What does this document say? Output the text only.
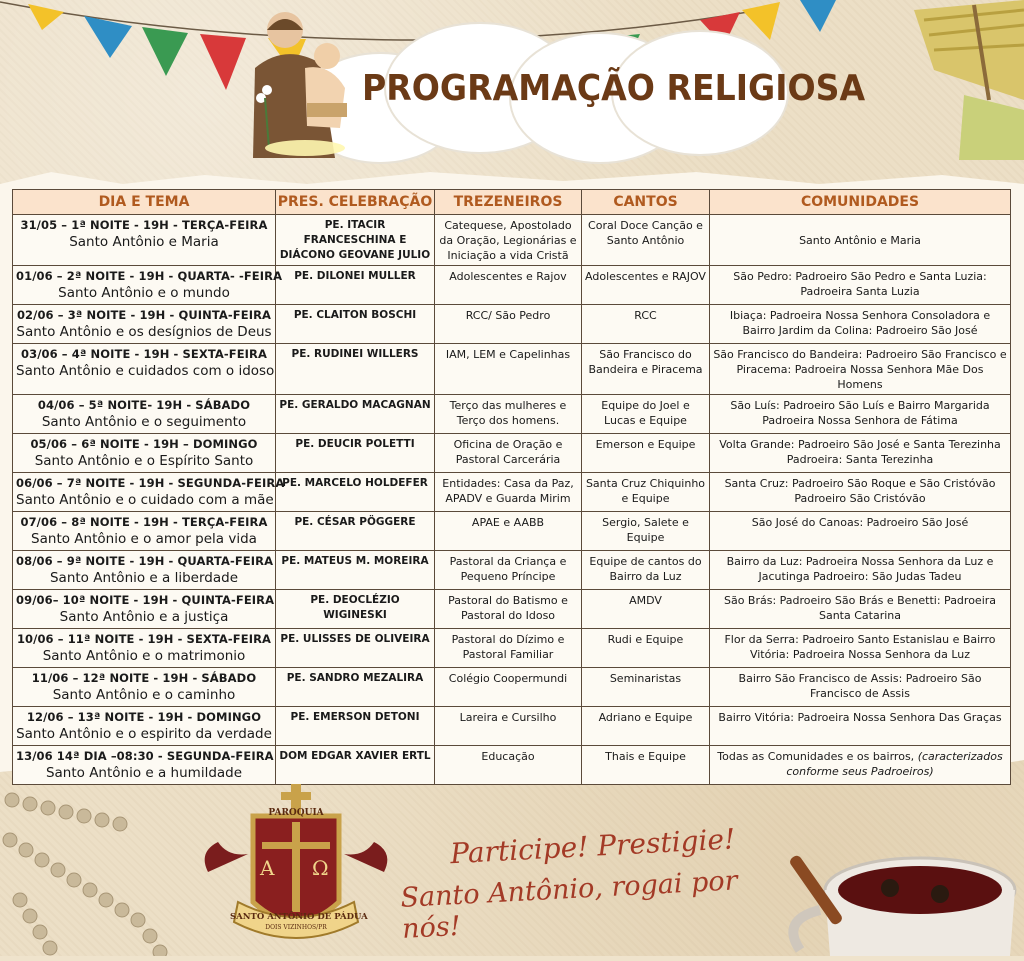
PROGRAMAÇÃO RELIGIOSA
DIA E TEMA	PRES. CELEBRAÇÃO	TREZENEIROS	CANTOS	COMUNIDADES

31/05 – 1ª NOITE - 19H - TERÇA-FEIRA
Santo Antônio e Maria	PE. ITACIR FRANCESCHINA E DIÁCONO GEOVANE JULIO	Catequese, Apostolado da Oração, Legionárias e Iniciação a vida Cristã	Coral Doce Canção e Santo Antônio	Santo Antônio e Maria

01/06 – 2ª NOITE - 19H - QUARTA- -FEIRA
Santo Antônio e o mundo	PE. DILONEI MULLER	Adolescentes e Rajov	Adolescentes e RAJOV	São Pedro: Padroeiro São Pedro e Santa Luzia: Padroeira Santa Luzia

02/06 – 3ª NOITE - 19H - QUINTA-FEIRA
Santo Antônio e os desígnios de Deus	PE. CLAITON BOSCHI	RCC/ São Pedro	RCC	Ibiaça: Padroeira Nossa Senhora Consoladora e Bairro Jardim da Colina: Padroeiro São José

03/06 – 4ª NOITE - 19H - SEXTA-FEIRA
Santo Antônio e cuidados com o idoso	PE. RUDINEI WILLERS	IAM, LEM e Capelinhas	São Francisco do Bandeira e Piracema	São Francisco do Bandeira: Padroeiro São Francisco e Piracema: Padroeira Nossa Senhora Mãe Dos Homens

04/06 – 5ª NOITE- 19H - SÁBADO
Santo Antônio e o seguimento	PE. GERALDO MACAGNAN	Terço das mulheres e Terço dos homens.	Equipe do Joel e Lucas e Equipe	São Luís: Padroeiro São Luís e Bairro Margarida Padroeira Nossa Senhora de Fátima

05/06 – 6ª NOITE - 19H – DOMINGO
Santo Antônio e o Espírito Santo	PE. DEUCIR POLETTI	Oficina de Oração e Pastoral Carcerária	Emerson e Equipe	Volta Grande: Padroeiro São José e Santa Terezinha Padroeira: Santa Terezinha

06/06 – 7ª NOITE - 19H - SEGUNDA-FEIRA
Santo Antônio e o cuidado com a mãe	PE. MARCELO HOLDEFER	Entidades: Casa da Paz, APADV e Guarda Mirim	Santa Cruz Chiquinho e Equipe	Santa Cruz: Padroeiro São Roque e São Cristóvão Padroeiro São Cristóvão

07/06 – 8ª NOITE - 19H - TERÇA-FEIRA
Santo Antônio e o amor pela vida	PE. CÉSAR PÖGGERE	APAE e AABB	Sergio, Salete e Equipe	São José do Canoas: Padroeiro São José

08/06 – 9ª NOITE - 19H - QUARTA-FEIRA
Santo Antônio e a liberdade	PE. MATEUS M. MOREIRA	Pastoral da Criança e Pequeno Príncipe	Equipe de cantos do Bairro da Luz	Bairro da Luz: Padroeira Nossa Senhora da Luz e Jacutinga Padroeiro: São Judas Tadeu

09/06– 10ª NOITE - 19H - QUINTA-FEIRA
Santo Antônio e a justiça	PE. DEOCLÉZIO WIGINESKI	Pastoral do Batismo e Pastoral do Idoso	AMDV	São Brás: Padroeiro São Brás e Benetti: Padroeira Santa Catarina

10/06 – 11ª NOITE - 19H - SEXTA-FEIRA
Santo Antônio e o matrimonio	PE. ULISSES DE OLIVEIRA	Pastoral do Dízimo e Pastoral Familiar	Rudi e Equipe	Flor da Serra: Padroeiro Santo Estanislau e Bairro Vitória: Padroeira Nossa Senhora da Luz

11/06 – 12ª NOITE - 19H - SÁBADO
Santo Antônio e o caminho	PE. SANDRO MEZALIRA	Colégio Coopermundi	Seminaristas	Bairro São Francisco de Assis: Padroeiro São Francisco de Assis

12/06 – 13ª NOITE - 19H - DOMINGO
Santo Antônio e o espirito da verdade	PE. EMERSON DETONI	Lareira e Cursilho	Adriano e Equipe	Bairro Vitória: Padroeira Nossa Senhora Das Graças

13/06 14ª DIA –08:30 - SEGUNDA-FEIRA
Santo Antônio e a humildade	DOM EDGAR XAVIER ERTL	Educação	Thais e Equipe	Todas as Comunidades e os bairros, (caracterizados conforme seus Padroeiros)
PAROQUIA
A Ω
SANTO ANTÔNIO DE PÁDUA
DOIS VIZINHOS/PR
Participe! Prestigie!
Santo Antônio, rogai por nós!
